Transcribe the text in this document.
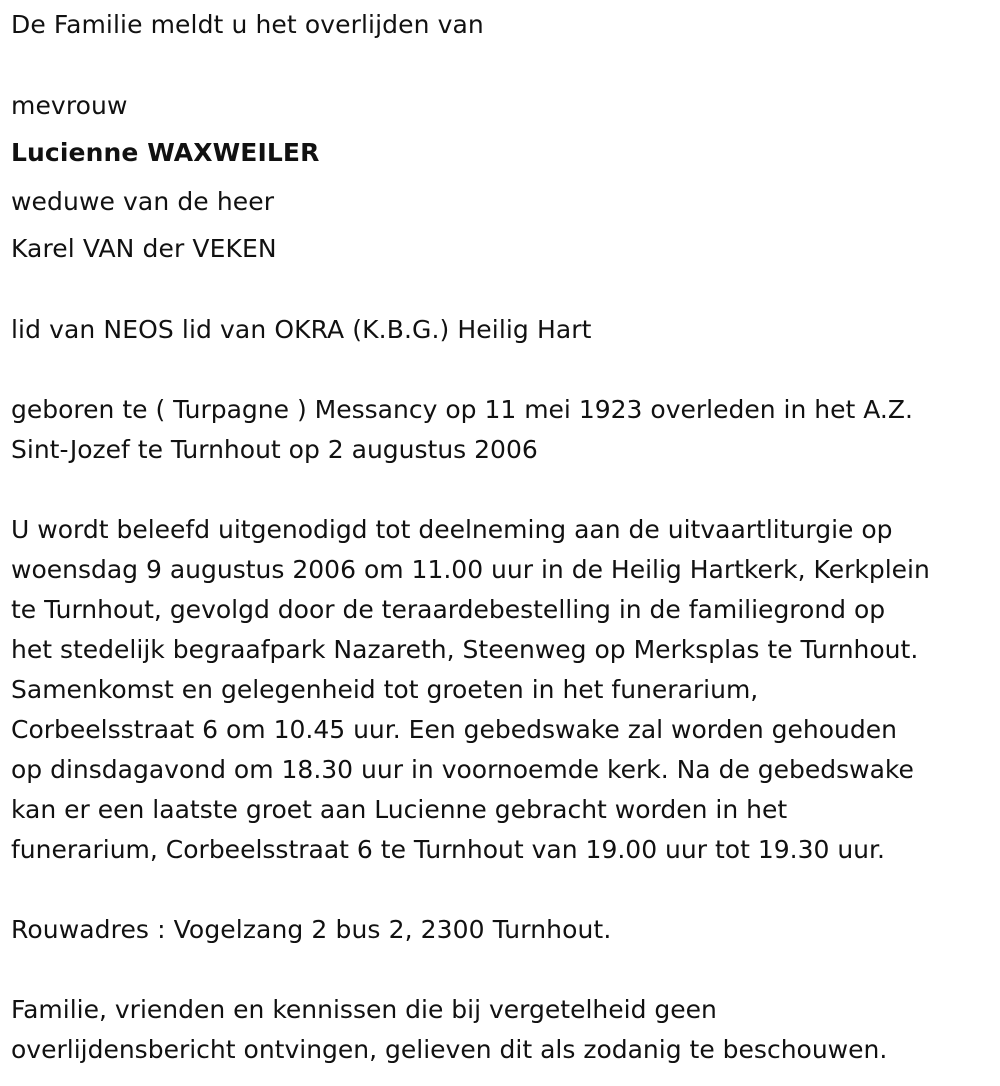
De Familie meldt u het overlijden van
mevrouw
Lucienne WAXWEILER
weduwe van de heer
Karel VAN der VEKEN
lid van NEOS lid van OKRA (K.B.G.) Heilig Hart
geboren te ( Turpagne ) Messancy op 11 mei 1923 overleden in het A.Z.
Sint-Jozef te Turnhout op 2 augustus 2006
U wordt beleefd uitgenodigd tot deelneming aan de uitvaartliturgie op
woensdag 9 augustus 2006 om 11.00 uur in de Heilig Hartkerk, Kerkplein
te Turnhout, gevolgd door de teraardebestelling in de familiegrond op
het stedelijk begraafpark Nazareth, Steenweg op Merksplas te Turnhout.
Samenkomst en gelegenheid tot groeten in het funerarium,
Corbeelsstraat 6 om 10.45 uur. Een gebedswake zal worden gehouden
op dinsdagavond om 18.30 uur in voornoemde kerk. Na de gebedswake
kan er een laatste groet aan Lucienne gebracht worden in het
funerarium, Corbeelsstraat 6 te Turnhout van 19.00 uur tot 19.30 uur.
Rouwadres : Vogelzang 2 bus 2, 2300 Turnhout.
Familie, vrienden en kennissen die bij vergetelheid geen
overlijdensbericht ontvingen, gelieven dit als zodanig te beschouwen.
